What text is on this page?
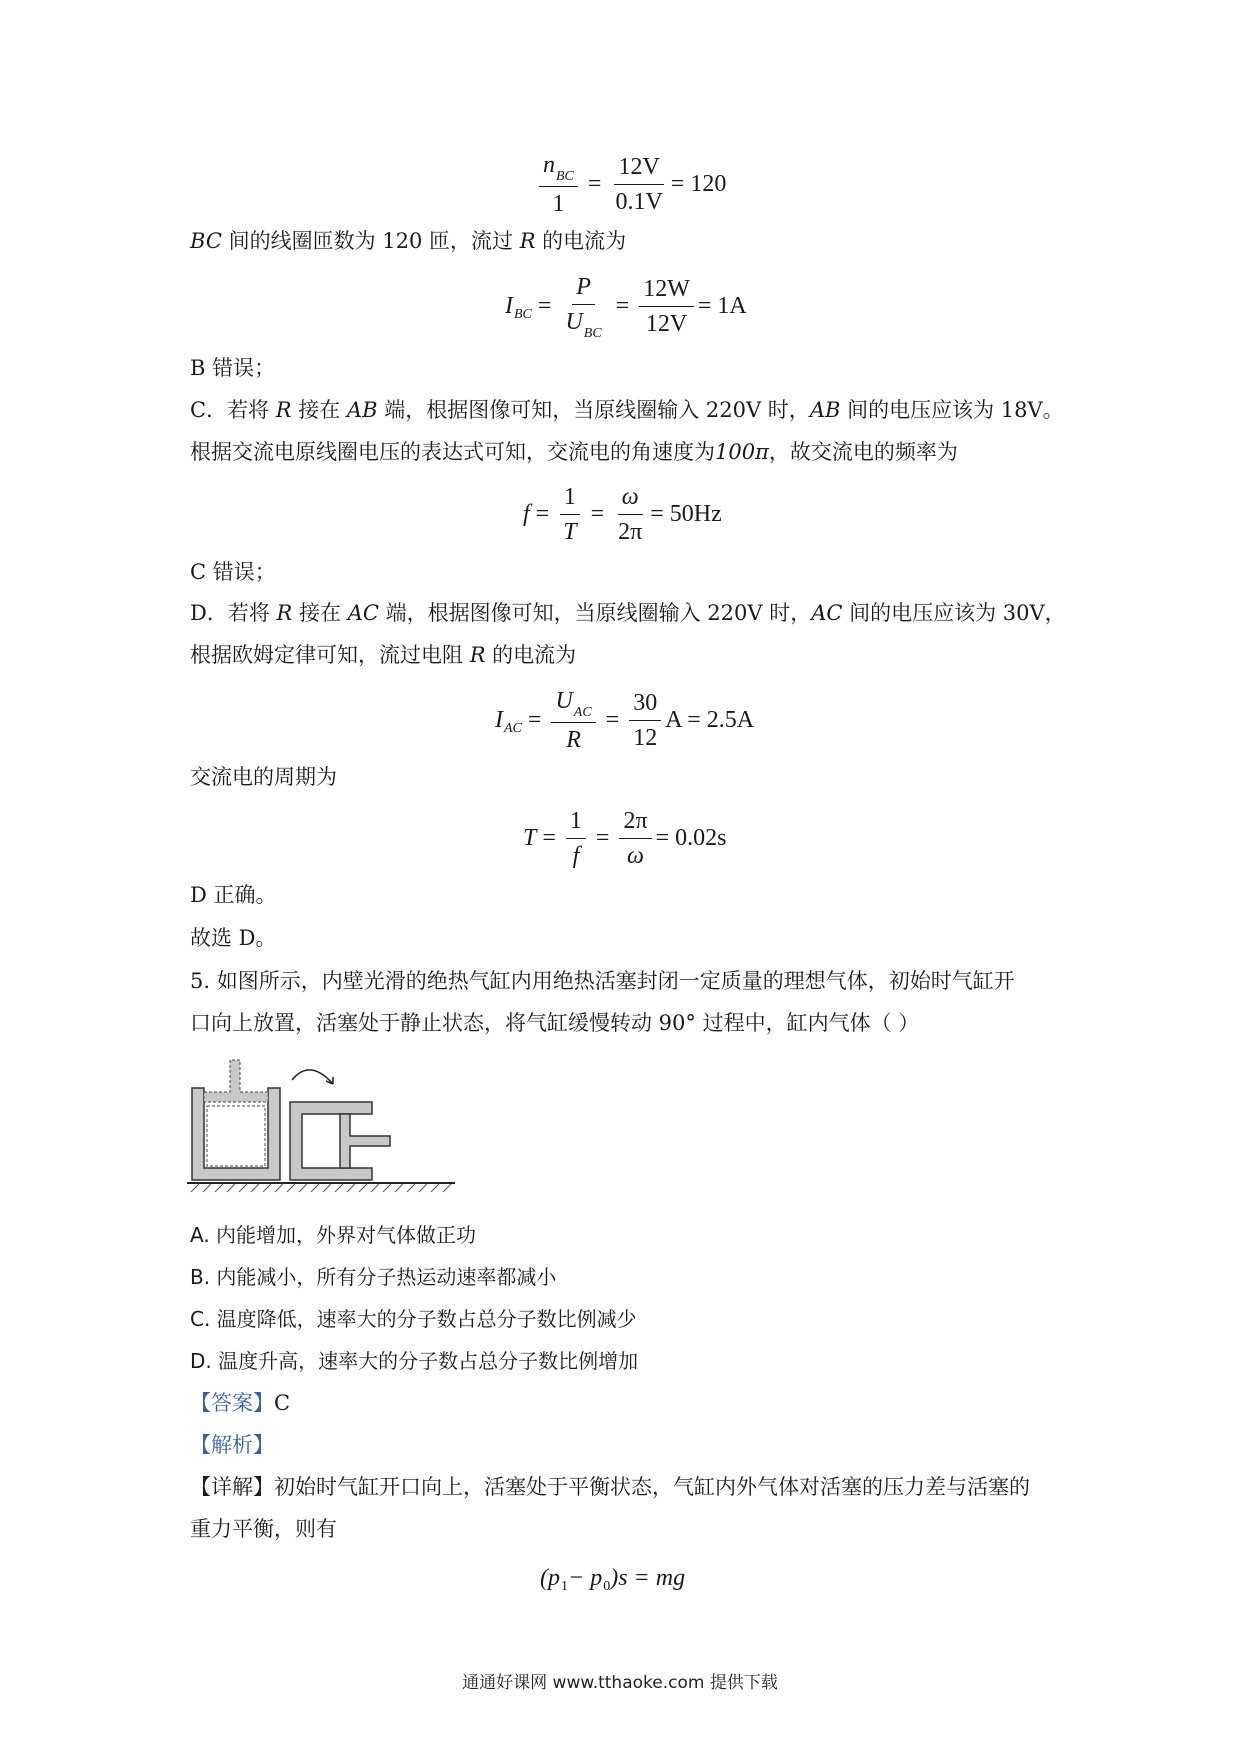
$\frac{n_{BC}}{1} = \frac{12V}{0.1V} = 120$
BC 间的线圈匝数为 120 匝，流过 R 的电流为
I BC = $\frac{P}{U_{BC}} = \frac{12W}{12V} = 1A$
B 错误；
C．若将 R 接在 AB 端，根据图像可知，当原线圈输入 220V 时，AB 间的电压应该为 18V。
根据交流电原线圈电压的表达式可知，交流电的角速度为100π，故交流电的频率为
$f = \frac{1}{T} = \frac{\omega}{2\pi} = 50Hz$
C 错误；
D．若将 R 接在 AC 端，根据图像可知，当原线圈输入 220V 时，AC 间的电压应该为 30V，
根据欧姆定律可知，流过电阻 R 的电流为
I AC = $\frac{U_{AC}}{R} = \frac{30}{12}$ A = 2.5A
交流电的周期为
$T = \frac{1}{f} = \frac{2\pi}{\omega} = 0.02s$
D 正确。
故选 D。
5. 如图所示，内壁光滑的绝热气缸内用绝热活塞封闭一定质量的理想气体，初始时气缸开
口向上放置，活塞处于静止状态，将气缸缓慢转动 90° 过程中，缸内气体（ ）
A. 内能增加，外界对气体做正功
B. 内能减小，所有分子热运动速率都减小
C. 温度降低，速率大的分子数占总分子数比例减少
D. 温度升高，速率大的分子数占总分子数比例增加
【答案】C
【解析】
【详解】初始时气缸开口向上，活塞处于平衡状态，气缸内外气体对活塞的压力差与活塞的
重力平衡，则有
(p 1 − p 0 )s = mg
通通好课网 www.tthaoke.com 提供下载
